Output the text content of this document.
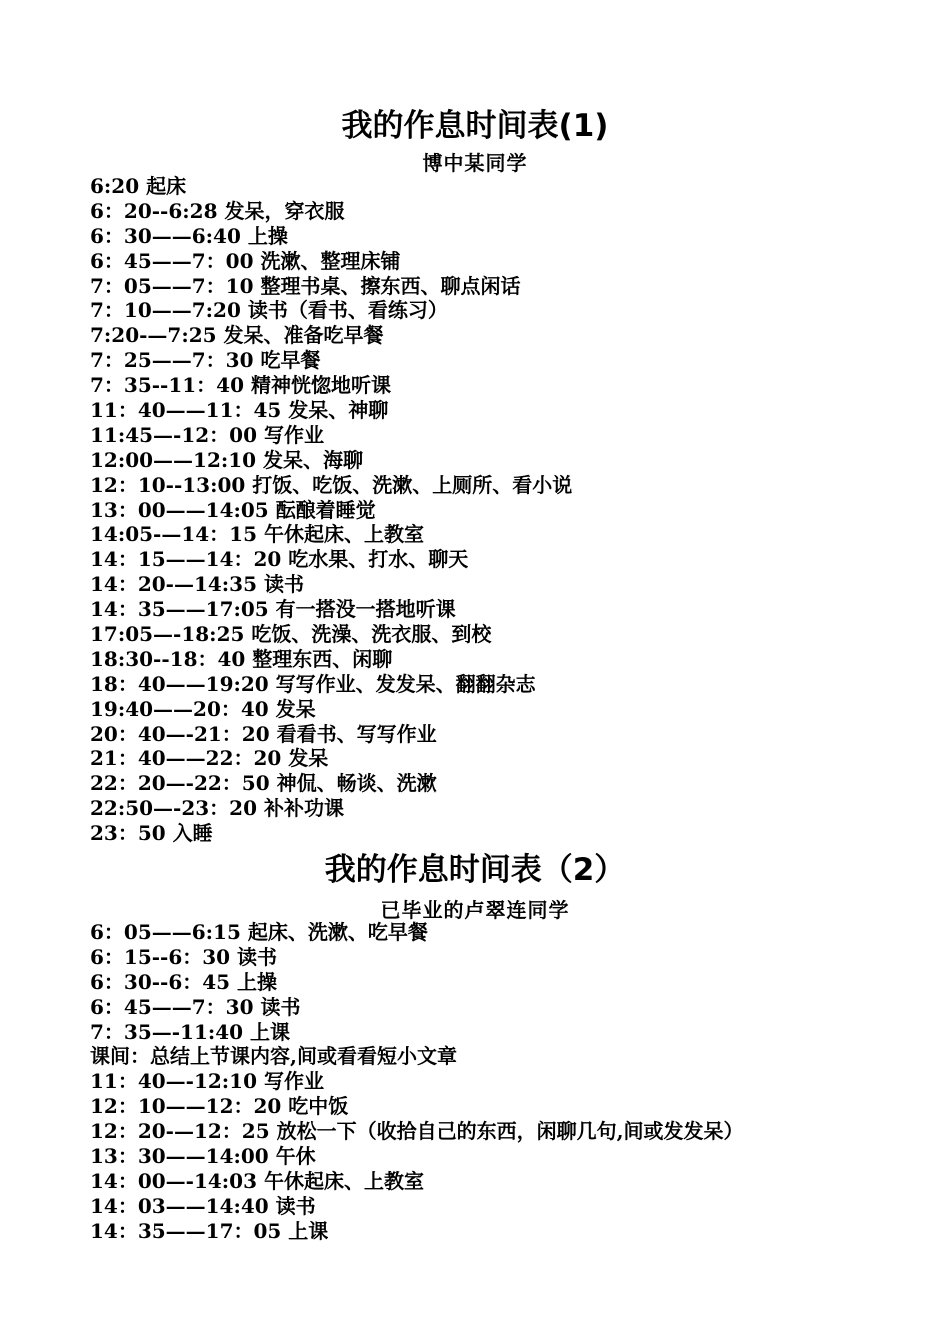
我的作息时间表(1)
博中某同学
6:20 起床
6：20--6:28 发呆，穿衣服
6：30——6:40 上操
6：45——7：00 洗漱、整理床铺
7：05——7：10 整理书桌、擦东西、聊点闲话
7：10——7:20 读书（看书、看练习）
7:20-—7:25 发呆、准备吃早餐
7：25——7：30 吃早餐
7：35--11：40 精神恍惚地听课
11：40——11：45 发呆、神聊
11:45—-12：00 写作业
12:00——12:10 发呆、海聊
12：10--13:00 打饭、吃饭、洗漱、上厕所、看小说
13：00——14:05 酝酿着睡觉
14:05-—14：15 午休起床、上教室
14：15——14：20 吃水果、打水、聊天
14：20-—14:35 读书
14：35——17:05 有一搭没一搭地听课
17:05—-18:25 吃饭、洗澡、洗衣服、到校
18:30--18：40 整理东西、闲聊
18：40——19:20 写写作业、发发呆、翻翻杂志
19:40——20：40 发呆
20：40—-21：20 看看书、写写作业
21：40——22：20 发呆
22：20—-22：50 神侃、畅谈、洗漱
22:50—-23：20 补补功课
23：50 入睡
我的作息时间表（2）
已毕业的卢翠连同学
6：05——6:15 起床、洗漱、吃早餐
6：15--6：30 读书
6：30--6：45 上操
6：45——7：30 读书
7：35—-11:40 上课
课间：总结上节课内容,间或看看短小文章
11：40—-12:10 写作业
12：10——12：20 吃中饭
12：20-—12：25 放松一下（收拾自己的东西，闲聊几句,间或发发呆）
13：30——14:00 午休
14：00—-14:03 午休起床、上教室
14：03——14:40 读书
14：35——17：05 上课
